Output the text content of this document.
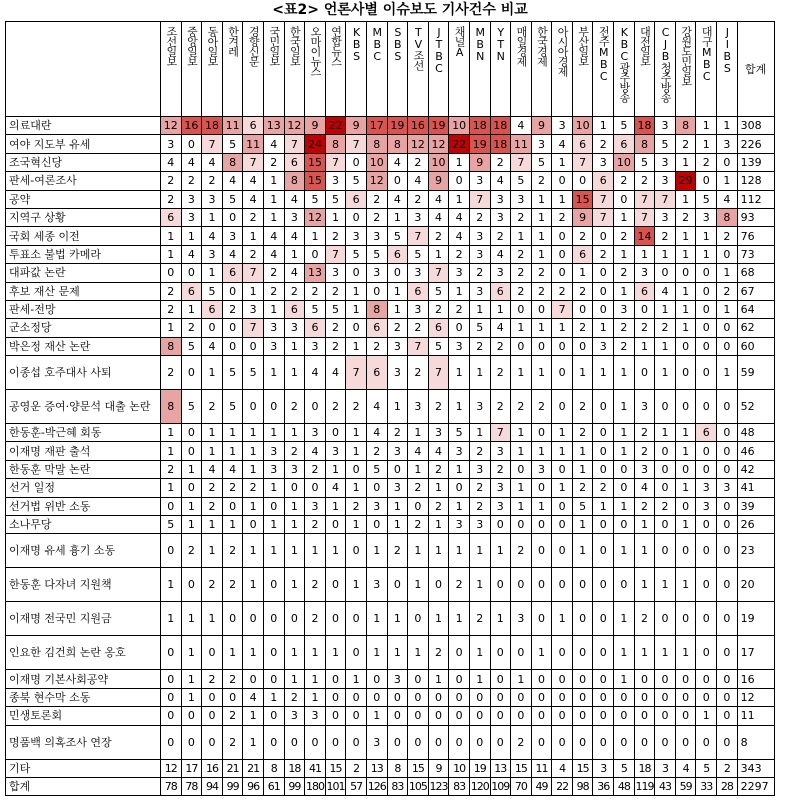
<표2> 언론사별 이슈보도 기사건수 비교

	조선일보	중앙일보	동아일보	한겨레	경향신문	국민일보	한국일보	오마이뉴스	연합뉴스	KBS	MBC	SBS	TV조선	JTBC	채널A	MBN	YTN	매일경제	한국경제	아시아경제	부산일보	전주MBC	KBC광주방송	대전일보	CJB청주방송	강원도민일보	대구MBC	JIBS	합계
의료대란	12	16	18	11	6	13	12	9	22	9	17	19	16	19	10	18	18	4	9	3	10	1	5	18	3	8	1	1	308
여야 지도부 유세	3	0	7	5	11	4	7	24	8	7	8	8	12	12	22	19	18	11	3	4	6	2	6	8	5	2	1	3	226
조국혁신당	4	4	4	8	7	2	6	15	7	0	10	4	2	10	1	9	2	7	5	1	7	3	10	5	3	1	2	0	139
판세-여론조사	2	2	2	4	4	1	8	15	3	5	12	0	4	9	0	3	4	5	2	0	0	6	2	2	3	29	0	1	128
공약	2	3	3	5	4	1	4	5	5	6	2	4	2	4	1	7	3	3	1	1	15	7	0	7	7	1	5	4	112
지역구 상황	6	3	1	0	2	1	3	12	1	0	2	1	3	4	4	2	3	2	1	2	9	7	1	7	3	2	3	8	93
국회 세종 이전	1	1	4	3	1	4	4	1	2	3	3	5	7	2	4	3	2	1	1	0	2	0	2	14	2	1	1	2	76
투표소 불법 카메라	1	4	3	4	2	4	1	0	7	5	5	6	5	1	2	3	4	2	1	0	6	2	1	1	1	1	1	0	73
대파값 논란	0	0	1	6	7	2	4	13	3	0	3	0	3	7	3	2	3	2	2	0	1	0	2	3	0	0	0	1	68
후보 재산 문제	2	6	5	0	1	2	2	2	2	1	0	1	6	5	1	3	6	2	2	2	2	0	1	6	4	1	0	2	67
판세-전망	2	1	6	2	3	1	6	5	5	1	8	1	3	2	2	1	1	0	0	7	0	0	3	0	1	1	0	1	64
군소정당	1	2	0	0	7	3	3	6	2	0	6	2	2	6	0	5	4	1	1	1	2	1	2	2	2	1	0	0	62
박은정 재산 논란	8	5	4	0	0	3	1	3	2	1	2	3	7	5	3	2	2	0	0	0	0	3	2	1	1	0	0	0	60
이종섭 호주대사 사퇴	2	0	1	5	5	1	1	4	4	7	6	3	2	7	1	1	2	1	1	0	1	1	1	0	1	0	0	1	59
공영운 증여·양문석 대출 논란	8	5	2	5	0	0	2	0	2	2	4	1	3	2	1	3	2	2	2	0	2	0	1	3	0	0	0	0	52
한동훈-박근혜 회동	1	0	1	1	1	1	1	3	0	1	4	2	1	3	5	1	7	1	0	1	2	0	1	2	1	1	6	0	48
이재명 재판 출석	1	0	1	1	1	3	2	4	3	1	2	3	4	4	3	2	3	1	1	1	1	0	1	2	0	1	0	0	46
한동훈 막말 논란	2	1	4	4	1	3	3	2	1	0	5	0	1	2	1	3	2	0	3	0	1	0	0	3	0	0	0	0	42
선거 일정	1	0	2	2	2	1	0	0	4	1	0	3	2	1	0	2	3	1	0	1	2	2	0	4	0	1	3	3	41
선거법 위반 소동	0	1	2	0	1	0	1	3	1	2	3	1	0	2	1	2	3	1	1	0	5	1	1	2	2	0	3	0	39
소나무당	5	1	1	1	0	1	1	2	0	1	0	1	2	1	3	3	0	0	0	0	1	0	0	1	0	1	0	0	26
이재명 유세 흉기 소동	0	2	1	2	1	1	1	1	1	0	1	2	1	1	1	1	1	2	0	0	1	0	1	1	0	0	0	0	23
한동훈 다자녀 지원책	1	0	2	2	1	0	1	2	0	1	3	0	1	0	2	1	0	0	0	0	0	0	0	1	1	1	0	0	20
이재명 전국민 지원금	1	1	1	0	0	0	0	2	0	0	1	1	0	1	1	2	1	3	0	1	0	0	1	2	0	0	0	0	19
인요한 김건희 논란 옹호	0	1	0	1	1	0	1	1	1	0	1	1	1	2	0	1	0	0	1	0	0	0	1	1	1	1	0	0	17
이재명 기본사회공약	0	1	2	2	0	0	1	1	0	1	0	3	0	1	0	1	0	1	0	0	0	0	1	0	0	0	0	0	16
종북 현수막 소동	0	1	0	0	4	1	2	1	0	0	0	0	0	0	0	0	0	0	0	0	0	0	0	0	0	0	0	0	12
민생토론회	0	0	0	2	1	0	3	3	0	0	1	0	0	0	0	0	0	0	0	0	0	0	0	0	0	0	1	0	11
명품백 의혹조사 연장	0	0	0	2	1	0	0	0	0	0	3	0	0	0	0	0	0	2	0	0	0	0	0	0	0	0	0	0	8
기타	12	17	16	21	21	8	18	41	15	2	13	8	15	9	10	19	13	15	11	4	15	3	5	18	3	4	5	2	343
합계	78	78	94	99	96	61	99	180	101	57	126	83	105	123	83	120	109	70	49	22	98	36	48	119	43	59	33	28	2297
